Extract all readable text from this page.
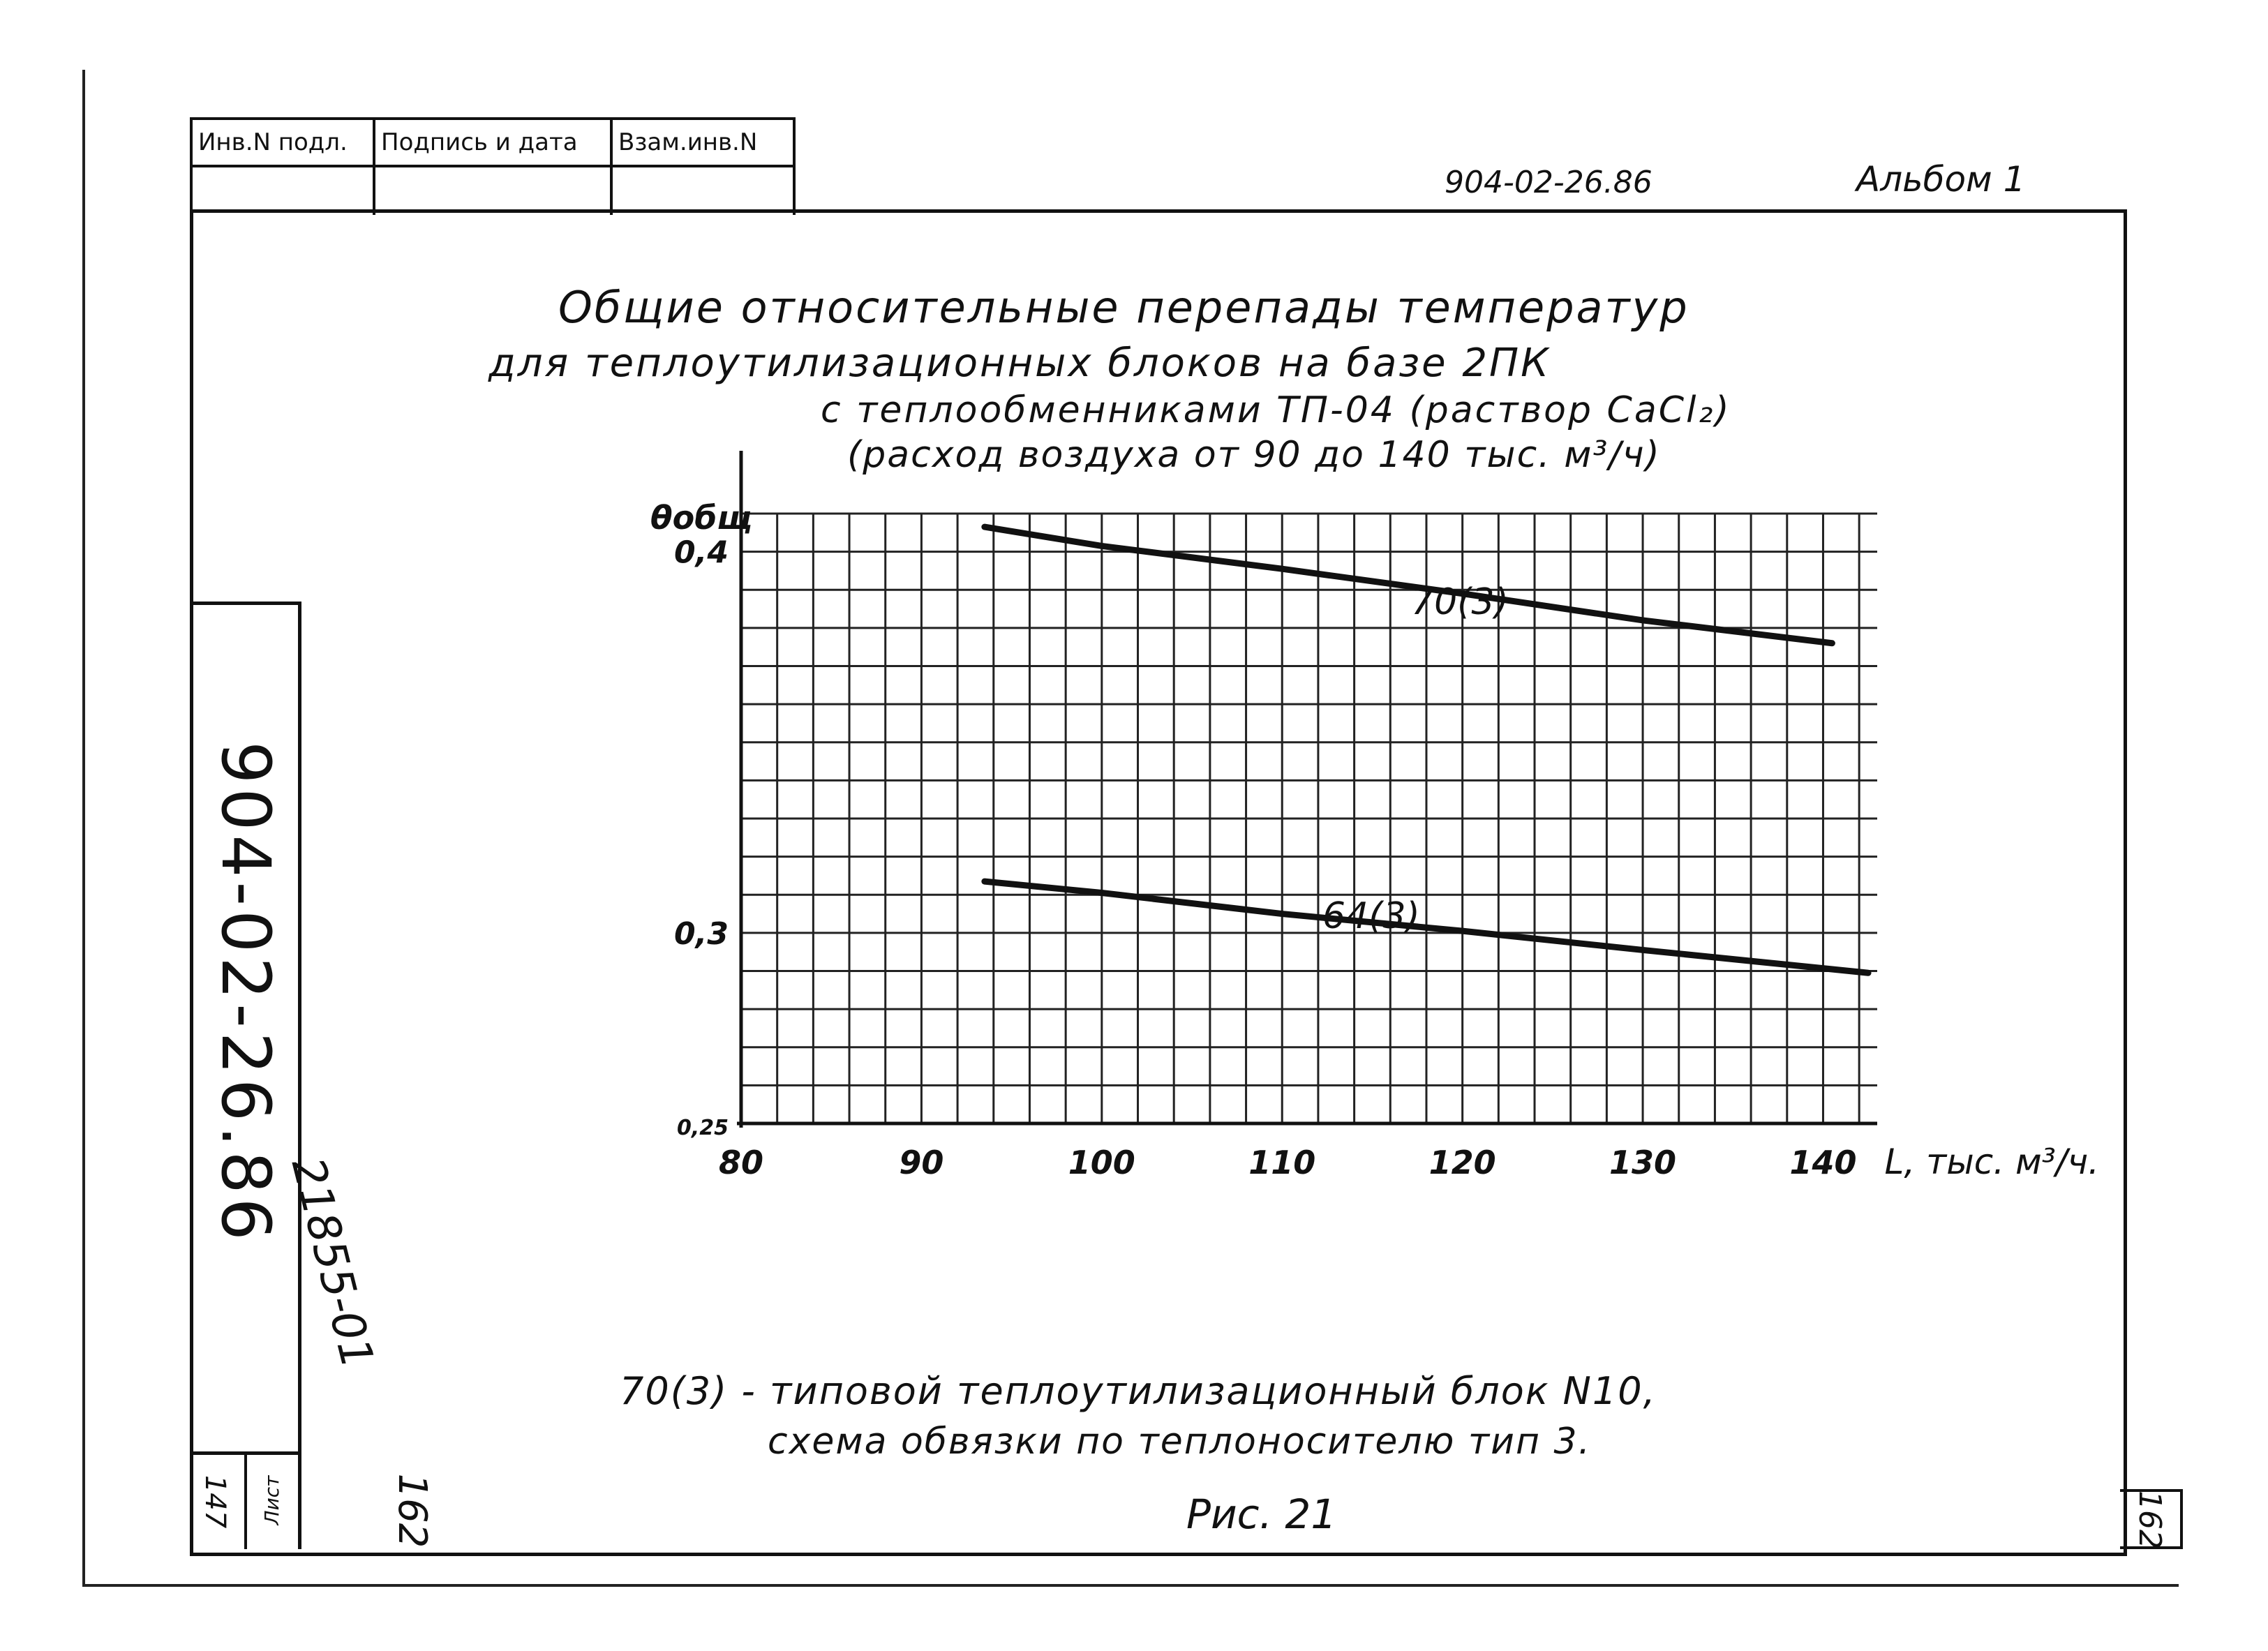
Инв.N подл.	Подпись и дата	Взам.инв.N
904-02-26.86	Альбом 1
Общие относительные перепады температур
для теплоутилизационных блоков на базе 2ПК
с теплообменниками ТП-04 (раствор CaCl₂)
(расход воздуха от 90 до 140 тыс. м³/ч)
70(3)
64(3)
80	90	100	110	120	130	140
0,25
0,3
0,4
θобщ
L, тыс. м³/ч.
904-02-26.86
21855-01
162
Лист
147
70(3) - типовой теплоутилизационный блок N10,
схема обвязки по теплоносителю тип 3.
Рис. 21	162
